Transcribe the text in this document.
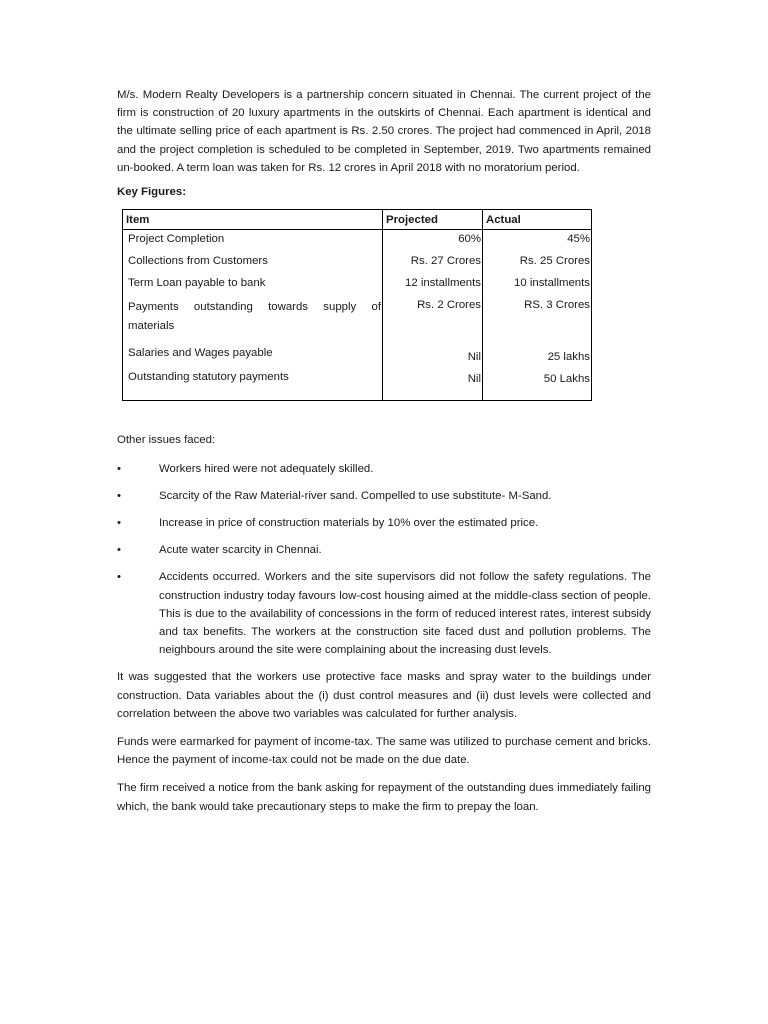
M/s. Modern Realty Developers is a partnership concern situated in Chennai. The current project of the firm is construction of 20 luxury apartments in the outskirts of Chennai. Each apartment is identical and the ultimate selling price of each apartment is Rs. 2.50 crores. The project had commenced in April, 2018 and the project completion is scheduled to be completed in September, 2019. Two apartments remained un-booked. A term loan was taken for Rs. 12 crores in April 2018 with no moratorium period.

Key Figures:
Item	Projected	Actual
Project Completion	60%	45%
Collections from Customers	Rs. 27 Crores	Rs. 25 Crores
Term Loan payable to bank	12 installments	10 installments
Payments outstanding towards supply of materials	Rs. 2 Crores	RS. 3 Crores
Salaries and Wages payable	Nil	25 lakhs
Outstanding statutory payments	Nil	50 Lakhs
Other issues faced:
•	Workers hired were not adequately skilled.
•	Scarcity of the Raw Material-river sand. Compelled to use substitute- M-Sand.
•	Increase in price of construction materials by 10% over the estimated price.
•	Acute water scarcity in Chennai.
•	Accidents occurred. Workers and the site supervisors did not follow the safety regulations. The construction industry today favours low-cost housing aimed at the middle-class section of people. This is due to the availability of concessions in the form of reduced interest rates, interest subsidy and tax benefits. The workers at the construction site faced dust and pollution problems. The neighbours around the site were complaining about the increasing dust levels.

It was suggested that the workers use protective face masks and spray water to the buildings under construction. Data variables about the (i) dust control measures and (ii) dust levels were collected and correlation between the above two variables was calculated for further analysis.

Funds were earmarked for payment of income-tax. The same was utilized to purchase cement and bricks. Hence the payment of income-tax could not be made on the due date.

The firm received a notice from the bank asking for repayment of the outstanding dues immediately failing which, the bank would take precautionary steps to make the firm to prepay the loan.
